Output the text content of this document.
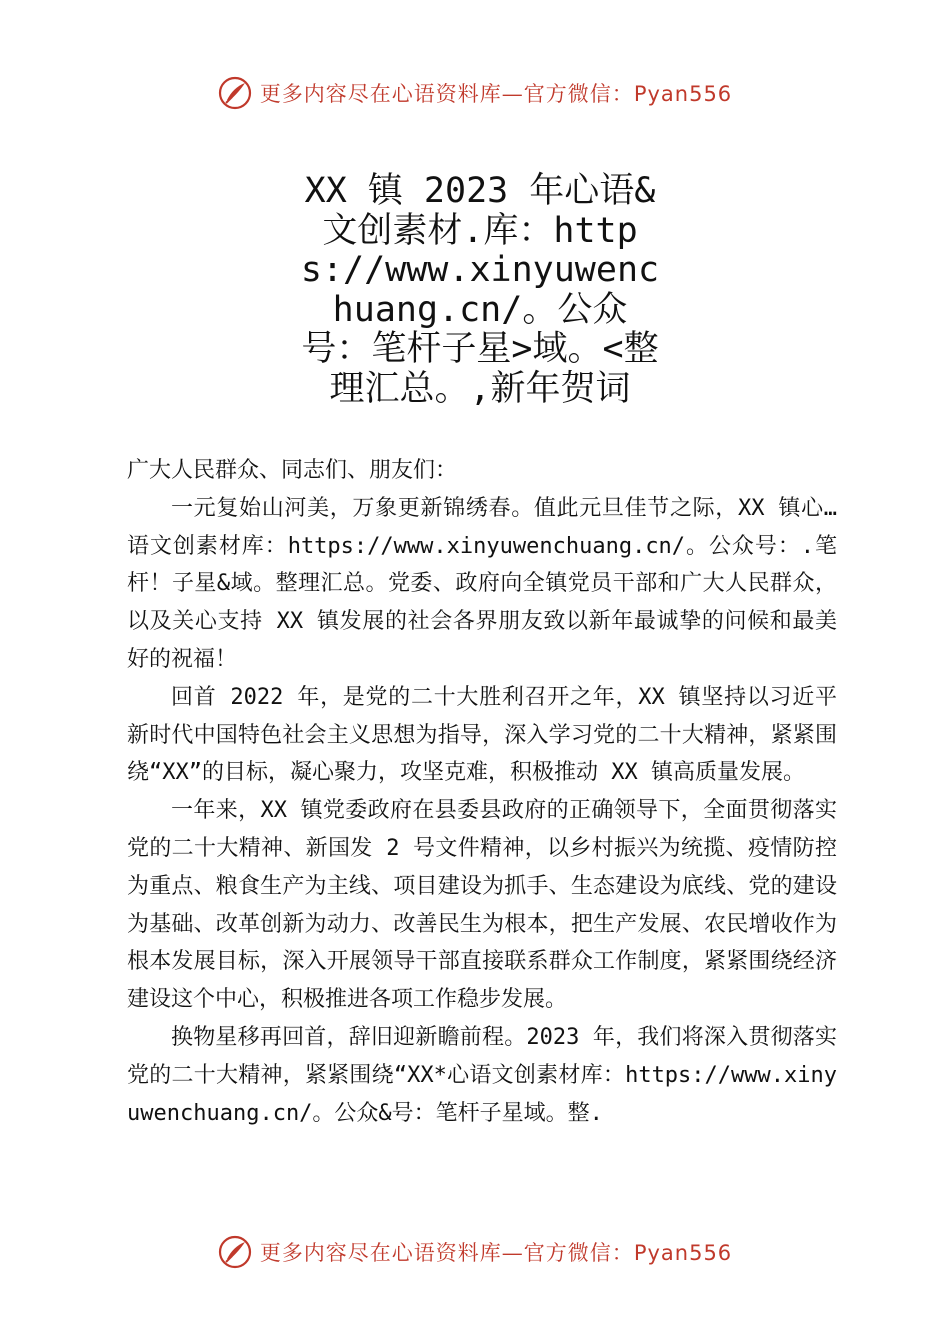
更多内容尽在心语资料库—官方微信：Pyan556
XX 镇 2023 年心语&文创素材.库：https://www.xinyuwenchuang.cn/。公众号：笔杆子星>域。<整理汇总。,新年贺词

广大人民群众、同志们、朋友们：

一元复始山河美，万象更新锦绣春。值此元旦佳节之际，XX 镇心…语文创素材库：https://www.xinyuwenchuang.cn/。公众号：.笔杆！子星&域。整理汇总。党委、政府向全镇党员干部和广大人民群众，以及关心支持 XX 镇发展的社会各界朋友致以新年最诚挚的问候和最美好的祝福！

回首 2022 年，是党的二十大胜利召开之年，XX 镇坚持以习近平新时代中国特色社会主义思想为指导，深入学习党的二十大精神，紧紧围绕“XX”的目标，凝心聚力，攻坚克难，积极推动 XX 镇高质量发展。

一年来，XX 镇党委政府在县委县政府的正确领导下，全面贯彻落实党的二十大精神、新国发 2 号文件精神，以乡村振兴为统揽、疫情防控为重点、粮食生产为主线、项目建设为抓手、生态建设为底线、党的建设为基础、改革创新为动力、改善民生为根本，把生产发展、农民增收作为根本发展目标，深入开展领导干部直接联系群众工作制度，紧紧围绕经济建设这个中心，积极推进各项工作稳步发展。

换物星移再回首，辞旧迎新瞻前程。2023 年，我们将深入贯彻落实党的二十大精神，紧紧围绕“XX*心语文创素材库：https://www.xinyuwenchuang.cn/。公众&号：笔杆子星域。整.

更多内容尽在心语资料库—官方微信：Pyan556
